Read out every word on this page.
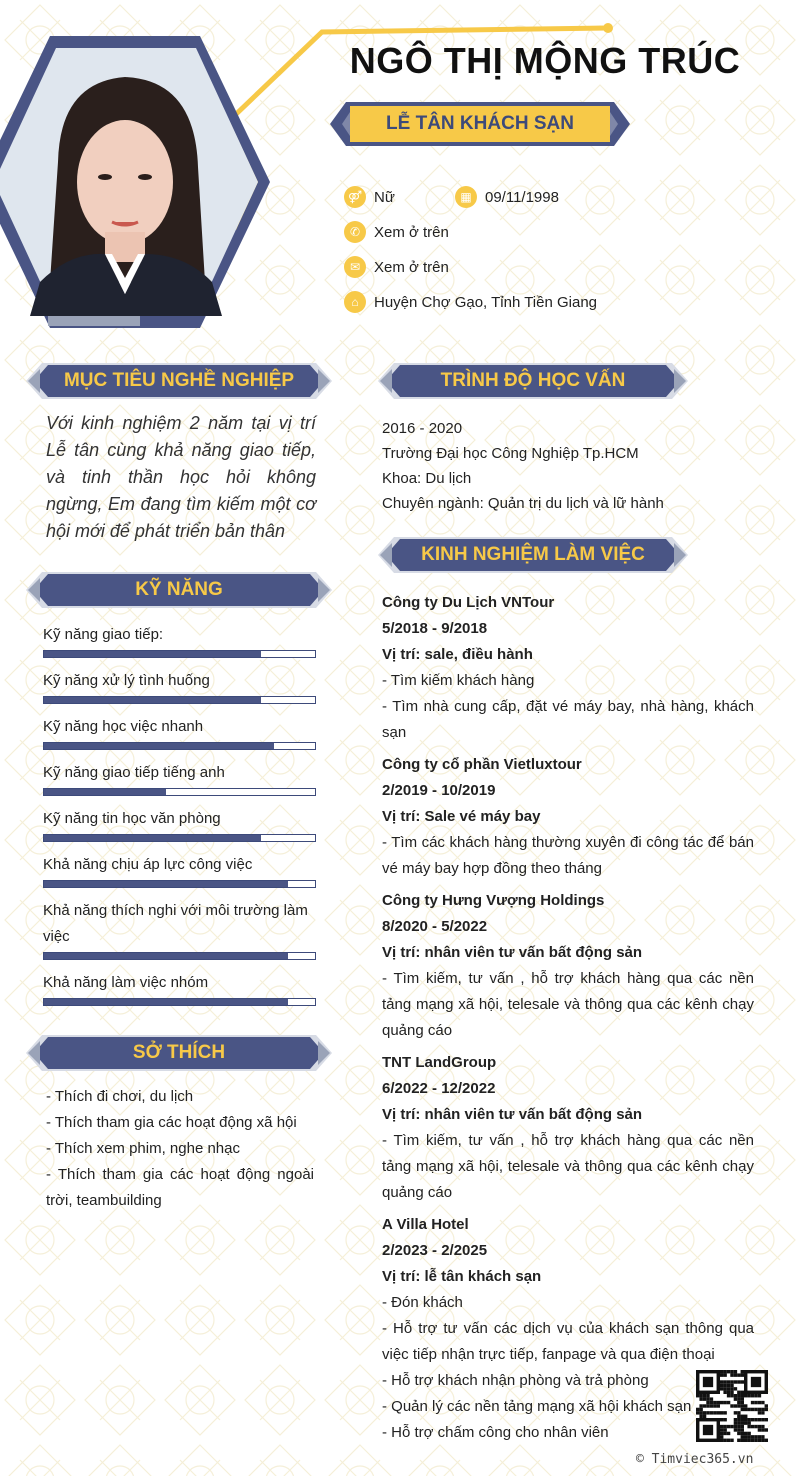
NGÔ THỊ MỘNG TRÚC
LỄ TÂN KHÁCH SẠN
⚤ Nữ	▦ 09/11/1998
✆ Xem ở trên
✉ Xem ở trên
⌂	Huyện Chợ Gạo, Tỉnh Tiền Giang
MỤC TIÊU NGHỀ NGHIỆP
Với kinh nghiệm 2 năm tại vị trí Lễ tân cùng khả năng giao tiếp, và tinh thần học hỏi không ngừng, Em đang tìm kiếm một cơ hội mới để phát triển bản thân
KỸ NĂNG
Kỹ năng giao tiếp:
Kỹ năng xử lý tình huống
Kỹ năng học việc nhanh
Kỹ năng giao tiếp tiếng anh
Kỹ năng tin học văn phòng
Khả năng chịu áp lực công việc
Khả năng thích nghi với môi trường làm việc
Khả năng làm việc nhóm
SỞ THÍCH
- Thích đi chơi, du lịch
- Thích tham gia các hoạt động xã hội
- Thích xem phim, nghe nhạc
- Thích tham gia các hoạt động ngoài trời, teambuilding
TRÌNH ĐỘ HỌC VẤN
2016 - 2020
Trường Đại học Công Nghiệp Tp.HCM
Khoa: Du lịch
Chuyên ngành: Quản trị du lịch và lữ hành
KINH NGHIỆM LÀM VIỆC
Công ty Du Lịch VNTour
5/2018 - 9/2018
Vị trí: sale, điều hành
- Tìm kiếm khách hàng
- Tìm nhà cung cấp, đặt vé máy bay, nhà hàng, khách sạn
Công ty cổ phần Vietluxtour
2/2019 - 10/2019
Vị trí: Sale vé máy bay
- Tìm các khách hàng thường xuyên đi công tác để bán vé máy bay hợp đồng theo tháng
Công ty Hưng Vượng Holdings
8/2020 - 5/2022
Vị trí: nhân viên tư vấn bất động sản
- Tìm kiếm, tư vấn , hỗ trợ khách hàng qua các nền tảng mạng xã hội, telesale và thông qua các kênh chạy quảng cáo
TNT LandGroup
6/2022 - 12/2022
Vị trí: nhân viên tư vấn bất động sản
- Tìm kiếm, tư vấn , hỗ trợ khách hàng qua các nền tảng mạng xã hội, telesale và thông qua các kênh chạy quảng cáo
A Villa Hotel
2/2023 - 2/2025
Vị trí: lễ tân khách sạn
- Đón khách
- Hỗ trợ tư vấn các dịch vụ của khách sạn thông qua việc tiếp nhận trực tiếp, fanpage và qua điện thoại
- Hỗ trợ khách nhận phòng và trả phòng
- Quản lý các nền tảng mạng xã hội khách sạn
- Hỗ trợ chấm công cho nhân viên
© Timviec365.vn
